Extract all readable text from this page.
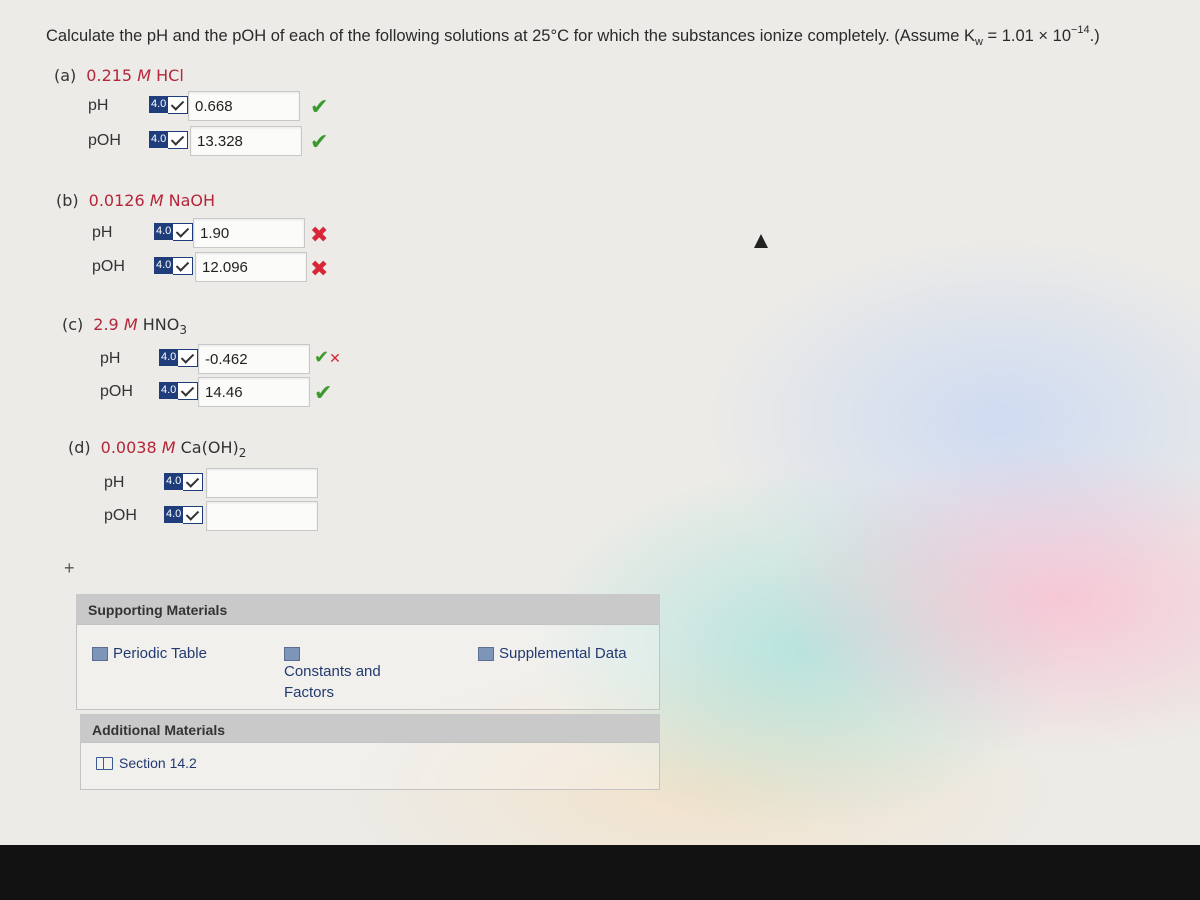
Calculate the pH and the pOH of each of the following solutions at 25°C for which the substances ionize completely. (Assume $K_w = 1.01 \times 10^{-14}$.)
(a) 0.215 M HCl
pH	4.0	0.668	✔
pOH	4.0	13.328	✔
(b) 0.0126 M NaOH
pH	4.0	1.90	✖
pOH	4.0	12.096	✖
(c) 2.9 M $HNO_3$
pH	4.0	-0.462	✔✕
pOH	4.0	14.46	✔
(d) 0.0038 M $Ca(OH)_2$
pH	4.0
pOH	4.0
+
Supporting Materials
Periodic Table
Constants and Factors
Supplemental Data
Additional Materials
Section 14.2
